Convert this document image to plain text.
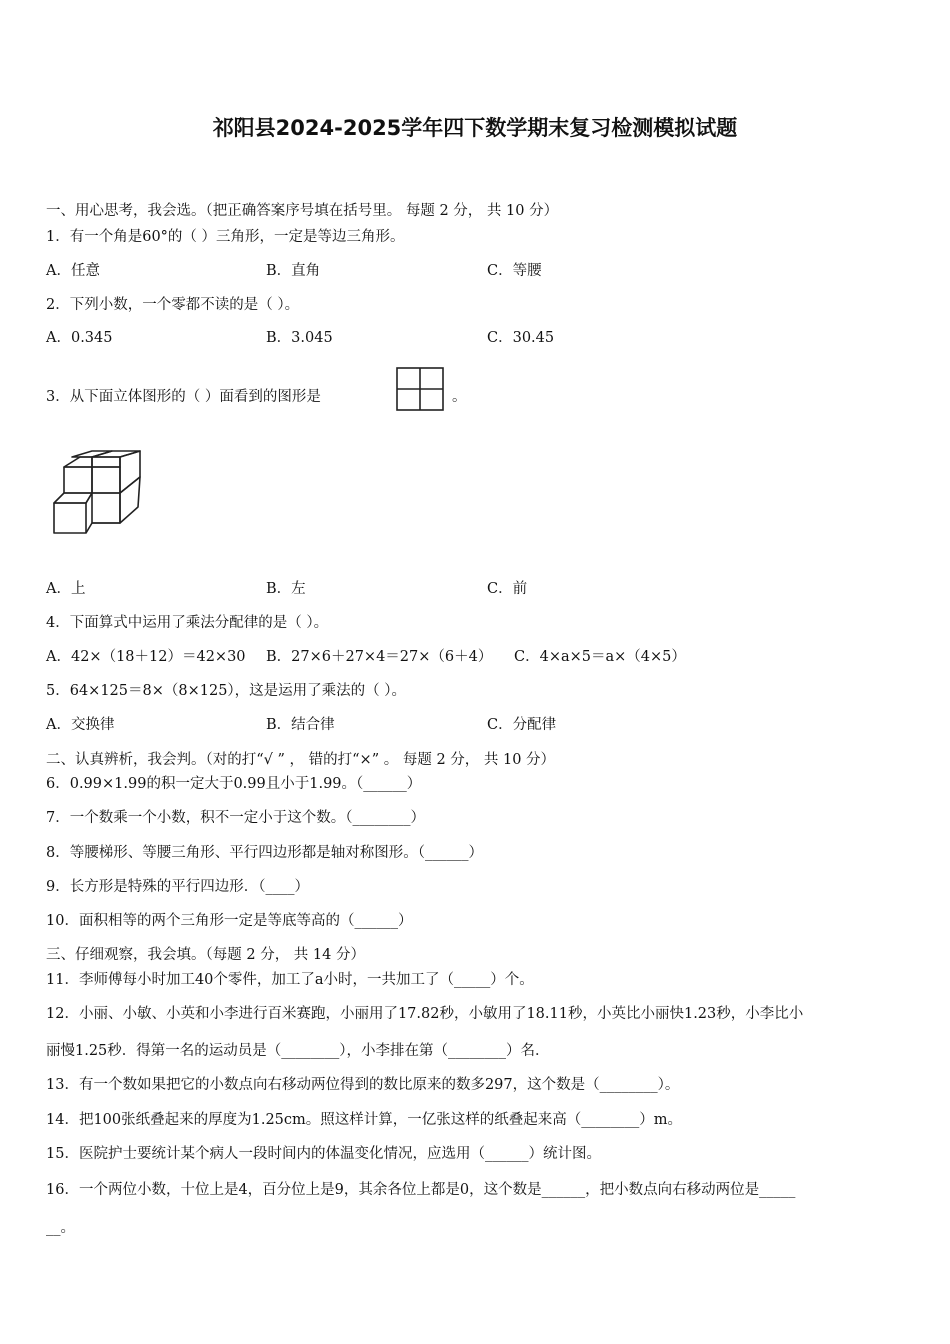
祁阳县2024-2025学年四下数学期末复习检测模拟试题
一、用心思考，我会选。（把正确答案序号填在括号里。 每题 2 分， 共 10 分）
1．有一个角是60°的（ ）三角形，一定是等边三角形。
A．任意	B．直角	C．等腰
2．下列小数，一个零都不读的是（ ）。
A．0.345	B．3.045	C．30.45
3．从下面立体图形的（ ）面看到的图形是	。
A．上	B．左	C．前
4．下面算式中运用了乘法分配律的是（ ）。
A．42×（18＋12）＝42×30 B．27×6＋27×4＝27×（6＋4） C．4×a×5＝a×（4×5）
5．64×125＝8×（8×125），这是运用了乘法的（ ）。
A．交换律	B．结合律	C．分配律
二、认真辨析，我会判。（对的打“√ ” ， 错的打“×” 。 每题 2 分， 共 10 分）
6．0.99×1.99的积一定大于0.99且小于1.99。（______）
7．一个数乘一个小数，积不一定小于这个数。（________）
8．等腰梯形、等腰三角形、平行四边形都是轴对称图形。（______）
9．长方形是特殊的平行四边形．（____）
10．面积相等的两个三角形一定是等底等高的（______）
三、仔细观察，我会填。（每题 2 分， 共 14 分）
11．李师傅每小时加工40个零件，加工了a小时，一共加工了（_____）个。
12．小丽、小敏、小英和小李进行百米赛跑，小丽用了17.82秒，小敏用了18.11秒，小英比小丽快1.23秒，小李比小
丽慢1.25秒．得第一名的运动员是（________），小李排在第（________）名．
13．有一个数如果把它的小数点向右移动两位得到的数比原来的数多297，这个数是（________）。
14．把100张纸叠起来的厚度为1.25cm。照这样计算，一亿张这样的纸叠起来高（________）m。
15．医院护士要统计某个病人一段时间内的体温变化情况，应选用（______）统计图。
16．一个两位小数，十位上是4，百分位上是9，其余各位上都是0，这个数是______，把小数点向右移动两位是_____
__。
